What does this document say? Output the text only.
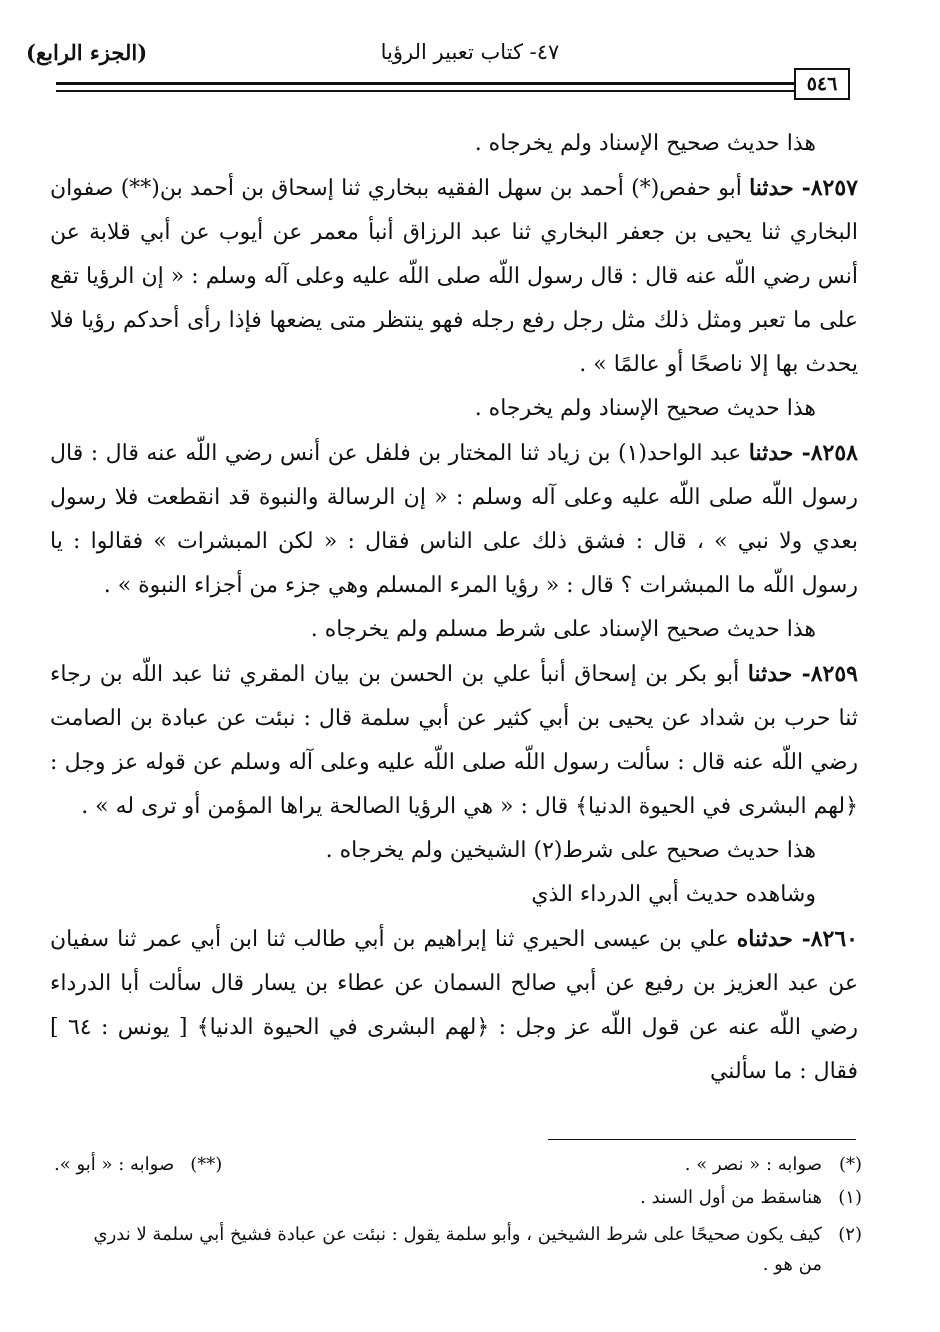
(الجزء الرابع)	٤٧- كتاب تعبير الرؤيا
٥٤٦

هذا حديث صحيح الإسناد ولم يخرجاه .

٨٢٥٧- حدثنا أبو حفص(*) أحمد بن سهل الفقيه ببخاري ثنا إسحاق بن أحمد بن(**) صفوان البخاري ثنا يحيى بن جعفر البخاري ثنا عبد الرزاق أنبأ معمر عن أيوب عن أبي قلابة عن أنس رضي اللّه عنه قال : قال رسول اللّه صلى اللّه عليه وعلى آله وسلم : « إن الرؤيا تقع على ما تعبر ومثل ذلك مثل رجل رفع رجله فهو ينتظر متى يضعها فإذا رأى أحدكم رؤيا فلا يحدث بها إلا ناصحًا أو عالمًا » .

هذا حديث صحيح الإسناد ولم يخرجاه .

٨٢٥٨- حدثنا عبد الواحد(١) بن زياد ثنا المختار بن فلفل عن أنس رضي اللّه عنه قال : قال رسول اللّه صلى اللّه عليه وعلى آله وسلم : « إن الرسالة والنبوة قد انقطعت فلا رسول بعدي ولا نبي » ، قال : فشق ذلك على الناس فقال : « لكن المبشرات » فقالوا : يا رسول اللّه ما المبشرات ؟ قال : « رؤيا المرء المسلم وهي جزء من أجزاء النبوة » .

هذا حديث صحيح الإسناد على شرط مسلم ولم يخرجاه .

٨٢٥٩- حدثنا أبو بكر بن إسحاق أنبأ علي بن الحسن بن بيان المقري ثنا عبد اللّه بن رجاء ثنا حرب بن شداد عن يحيى بن أبي كثير عن أبي سلمة قال : نبئت عن عبادة بن الصامت رضي اللّه عنه قال : سألت رسول اللّه صلى اللّه عليه وعلى آله وسلم عن قوله عز وجل : ﴿لهم البشرى في الحيوة الدنيا﴾ قال : « هي الرؤيا الصالحة يراها المؤمن أو ترى له » .

هذا حديث صحيح على شرط(٢) الشيخين ولم يخرجاه .

وشاهده حديث أبي الدرداء الذي

٨٢٦٠- حدثناه علي بن عيسى الحيري ثنا إبراهيم بن أبي طالب ثنا ابن أبي عمر ثنا سفيان عن عبد العزيز بن رفيع عن أبي صالح السمان عن عطاء بن يسار قال سألت أبا الدرداء رضي اللّه عنه عن قول اللّه عز وجل : ﴿لهم البشرى في الحيوة الدنيا﴾ [ يونس : ٦٤ ] فقال : ما سألني

(*)صوابه : « نصر » .
(**)صوابه : « أبو ».
(١)هناسقط من أول السند .
(٢)كيف يكون صحيحًا على شرط الشيخين ، وأبو سلمة يقول : نبئت عن عبادة فشيخ أبي سلمة لا ندري
من هو .
